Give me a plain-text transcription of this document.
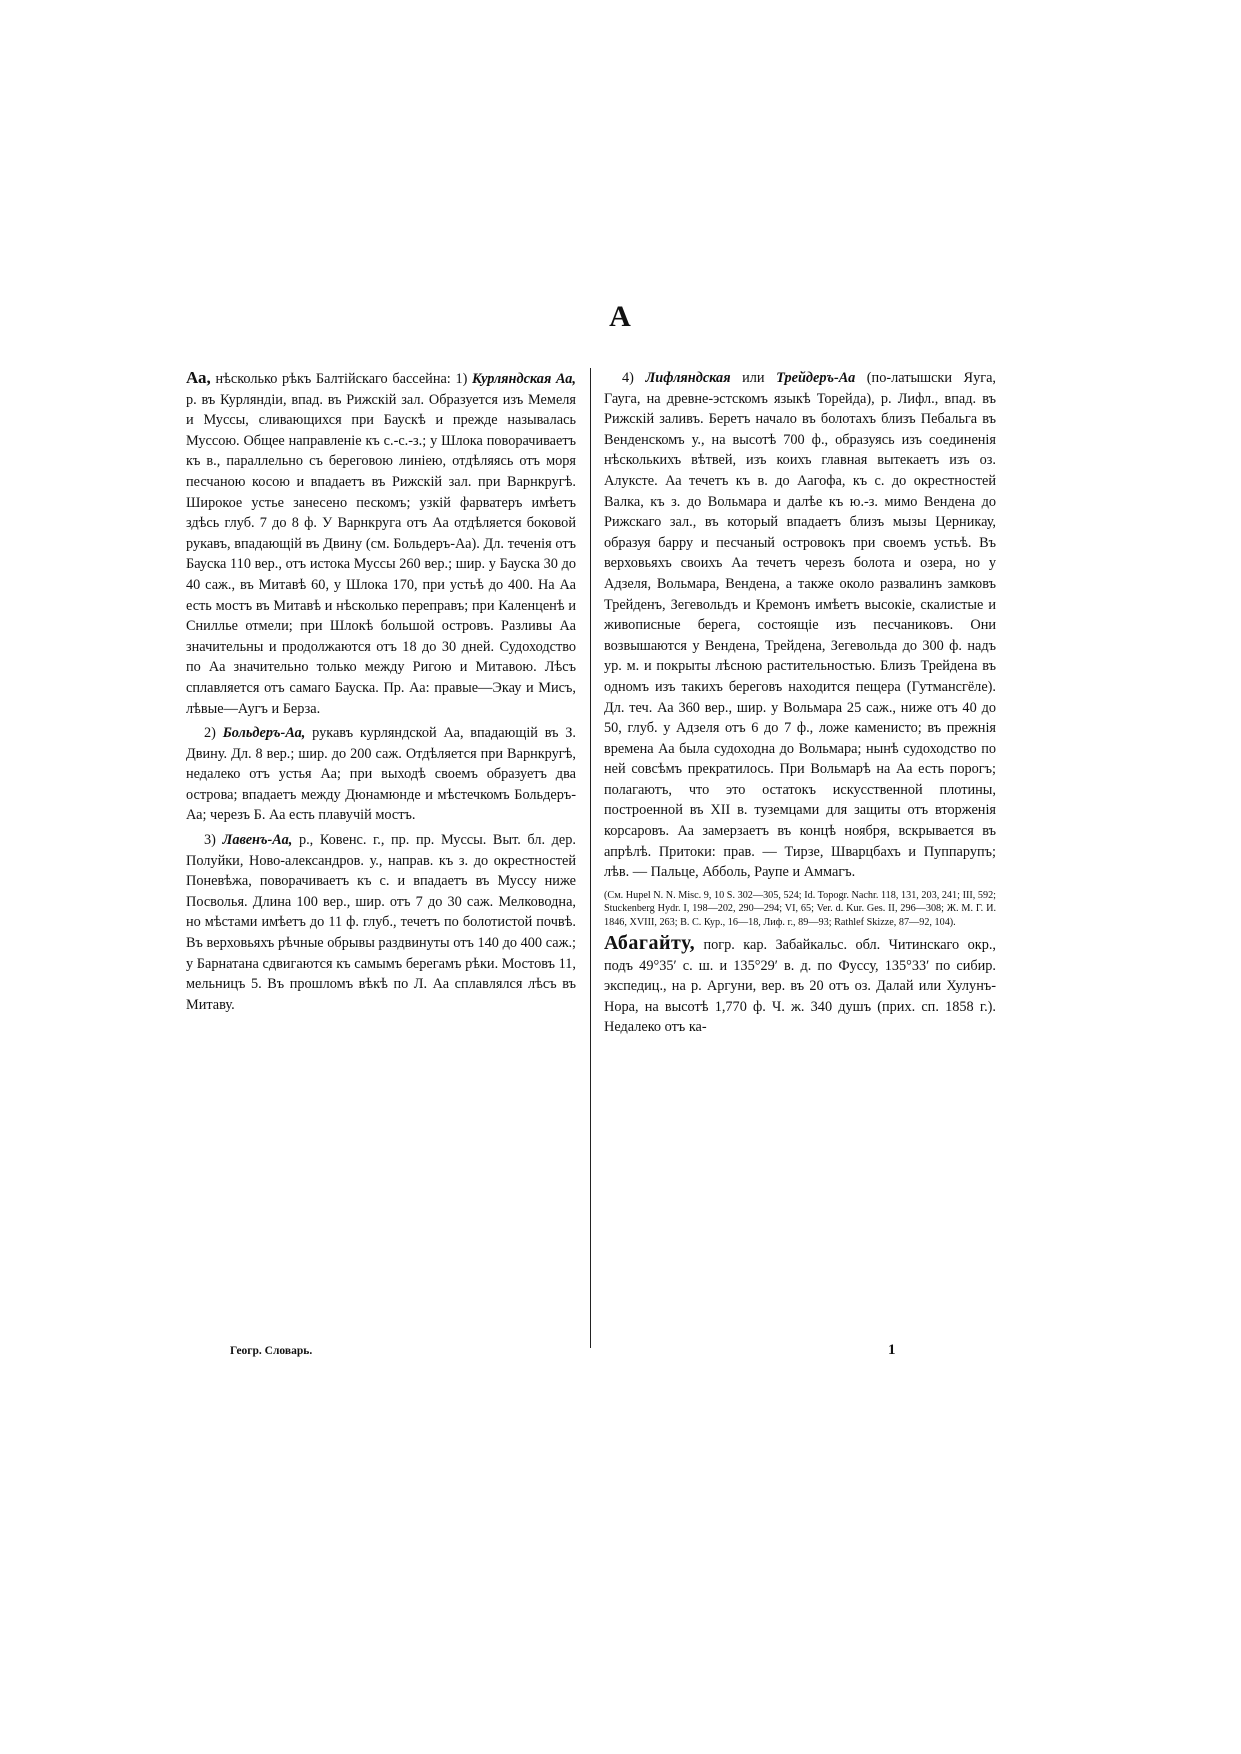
А

Аа, нѣсколько рѣкъ Балтійскаго бассейна: 1) Курляндская Аа, р. въ Курляндіи, впад. въ Рижскій зал. Образуется изъ Мемеля и Муссы, сливающихся при Баускѣ и прежде называлась Муссою. Общее направленіе къ с.-с.-з.; у Шлока поворачиваетъ къ в., параллельно съ береговою линіею, отдѣляясь отъ моря песчаною косою и впадаетъ въ Рижскій зал. при Варнкругѣ. Широкое устье занесено пескомъ; узкій фарватеръ имѣетъ здѣсь глуб. 7 до 8 ф. У Варнкруга отъ Аа отдѣляется боковой рукавъ, впадающій въ Двину (см. Больдеръ-Аа). Дл. теченія отъ Бауска 110 вер., отъ истока Муссы 260 вер.; шир. у Бауска 30 до 40 саж., въ Митавѣ 60, у Шлока 170, при устьѣ до 400. На Аа есть мостъ въ Митавѣ и нѣсколько переправъ; при Каленценѣ и Сниллье отмели; при Шлокѣ большой островъ. Разливы Аа значительны и продолжаются отъ 18 до 30 дней. Судоходство по Аа значительно только между Ригою и Митавою. Лѣсъ сплавляется отъ самаго Бауска. Пр. Аа: правые—Экау и Мисъ, лѣвые—Аугъ и Берза.

2) Больдеръ-Аа, рукавъ курляндской Аа, впадающій въ З. Двину. Дл. 8 вер.; шир. до 200 саж. Отдѣляется при Варнкругѣ, недалеко отъ устья Аа; при выходѣ своемъ образуетъ два острова; впадаетъ между Дюнамюнде и мѣстечкомъ Больдеръ-Аа; черезъ Б. Аа есть плавучій мостъ.

3) Лавенъ-Аа, р., Ковенс. г., пр. пр. Муссы. Выт. бл. дер. Полуйки, Ново-александров. у., направ. къ з. до окрестностей Поневѣжа, поворачиваетъ къ с. и впадаетъ въ Муссу ниже Посволья. Длина 100 вер., шир. отъ 7 до 30 саж. Мелководна, но мѣстами имѣетъ до 11 ф. глуб., течетъ по болотистой почвѣ. Въ верховьяхъ рѣчные обрывы раздвинуты отъ 140 до 400 саж.; у Барнатана сдвигаются къ самымъ берегамъ рѣки. Мостовъ 11, мельницъ 5. Въ прошломъ вѣкѣ по Л. Аа сплавлялся лѣсъ въ Митаву.

4) Лифляндская или Трейдеръ-Аа (по-латышски Яуга, Гауга, на древне-эстскомъ языкѣ Торейда), р. Лифл., впад. въ Рижскій заливъ. Беретъ начало въ болотахъ близъ Пебальга въ Венденскомъ у., на высотѣ 700 ф., образуясь изъ соединенія нѣсколькихъ вѣтвей, изъ коихъ главная вытекаетъ изъ оз. Алуксте. Аа течетъ къ в. до Аагофа, къ с. до окрестностей Валка, къ з. до Вольмара и далѣе къ ю.-з. мимо Вендена до Рижскаго зал., въ который впадаетъ близъ мызы Церникау, образуя барру и песчаный островокъ при своемъ устьѣ. Въ верховьяхъ своихъ Аа течетъ черезъ болота и озера, но у Адзеля, Вольмара, Вендена, а также около развалинъ замковъ Трейденъ, Зегевольдъ и Кремонъ имѣетъ высокіе, скалистые и живописные берега, состоящіе изъ песчаниковъ. Они возвышаются у Вендена, Трейдена, Зегевольда до 300 ф. надъ ур. м. и покрыты лѣсною растительностью. Близъ Трейдена въ одномъ изъ такихъ береговъ находится пещера (Гутмансгёле). Дл. теч. Аа 360 вер., шир. у Вольмара 25 саж., ниже отъ 40 до 50, глуб. у Адзеля отъ 6 до 7 ф., ложе каменисто; въ прежнія времена Аа была судоходна до Вольмара; нынѣ судоходство по ней совсѣмъ прекратилось. При Вольмарѣ на Аа есть порогъ; полагаютъ, что это остатокъ искусственной плотины, построенной въ XII в. туземцами для защиты отъ вторженія корсаровъ. Аа замерзаетъ въ концѣ ноября, вскрывается въ апрѣлѣ. Притоки: прав. — Тирзе, Шварцбахъ и Пуппарупъ; лѣв. — Пальце, Абболь, Раупе и Аммагъ.

(См. Hupel N. N. Misc. 9, 10 S. 302—305, 524; Id. Topogr. Nachr. 118, 131, 203, 241; III, 592; Stuckenberg Hydr. I, 198—202, 290—294; VI, 65; Ver. d. Kur. Ges. II, 296—308; Ж. М. Г. И. 1846, XVIII, 263; В. С. Кур., 16—18, Лиф. г., 89—93; Rathlef Skizze, 87—92, 104).

Абагайту, погр. кар. Забайкальс. обл. Читинскаго окр., подъ 49°35′ с. ш. и 135°29′ в. д. по Фуссу, 135°33′ по сибир. экспедиц., на р. Аргуни, вер. въ 20 отъ оз. Далай или Хулунъ-Нора, на высотѣ 1,770 ф. Ч. ж. 340 душъ (прих. сп. 1858 г.). Недалеко отъ ка-

Геогр. Словарь.	1
